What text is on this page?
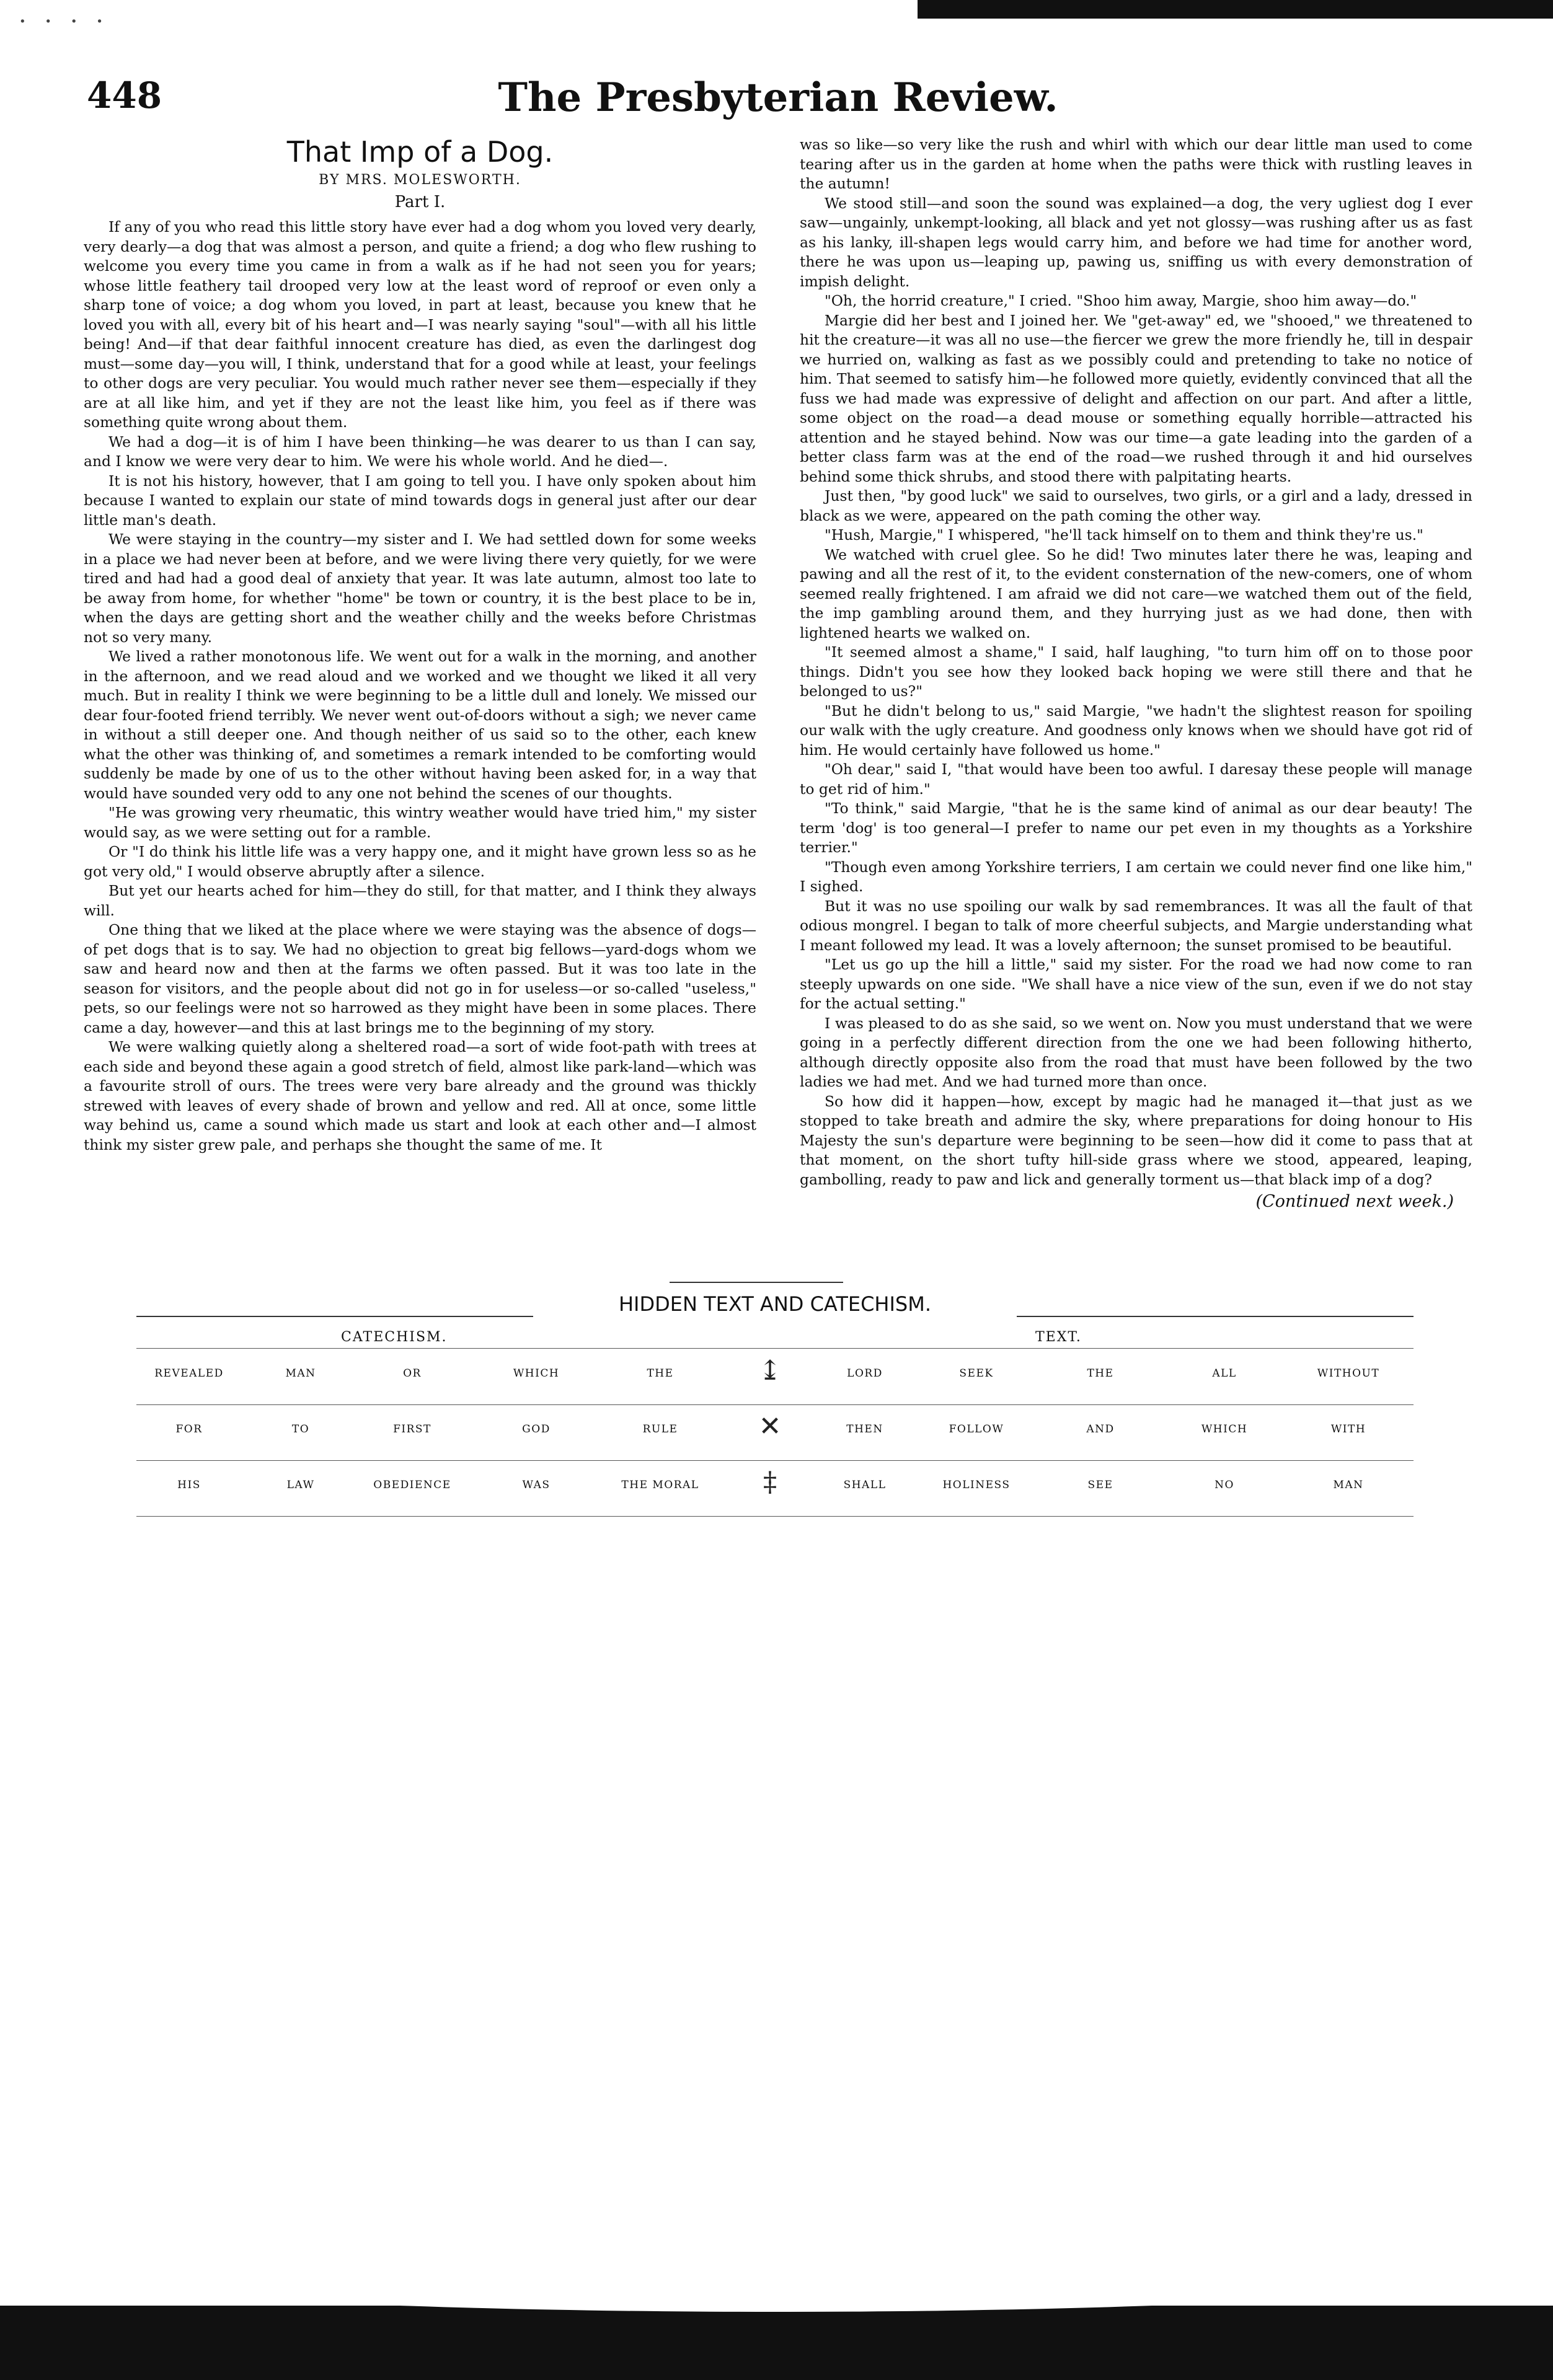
· · · ·
448	The Presbyterian Review.
That Imp of a Dog.
BY MRS. MOLESWORTH.
Part I.

If any of you who read this little story have ever had a dog whom you loved very dearly, very dearly—a dog that was almost a person, and quite a friend; a dog who flew rushing to welcome you every time you came in from a walk as if he had not seen you for years; whose little feathery tail drooped very low at the least word of reproof or even only a sharp tone of voice; a dog whom you loved, in part at least, because you knew that he loved you with all, every bit of his heart and—I was nearly saying "soul"—with all his little being! And—if that dear faithful innocent creature has died, as even the darlingest dog must—some day—you will, I think, understand that for a good while at least, your feelings to other dogs are very peculiar. You would much rather never see them—especially if they are at all like him, and yet if they are not the least like him, you feel as if there was something quite wrong about them.

We had a dog—it is of him I have been thinking—he was dearer to us than I can say, and I know we were very dear to him. We were his whole world. And he died—.

It is not his history, however, that I am going to tell you. I have only spoken about him because I wanted to explain our state of mind towards dogs in general just after our dear little man's death.

We were staying in the country—my sister and I. We had settled down for some weeks in a place we had never been at before, and we were living there very quietly, for we were tired and had had a good deal of anxiety that year. It was late autumn, almost too late to be away from home, for whether "home" be town or country, it is the best place to be in, when the days are getting short and the weather chilly and the weeks before Christmas not so very many.

We lived a rather monotonous life. We went out for a walk in the morning, and another in the afternoon, and we read aloud and we worked and we thought we liked it all very much. But in reality I think we were beginning to be a little dull and lonely. We missed our dear four-footed friend terribly. We never went out-of-doors without a sigh; we never came in without a still deeper one. And though neither of us said so to the other, each knew what the other was thinking of, and sometimes a remark intended to be comforting would suddenly be made by one of us to the other without having been asked for, in a way that would have sounded very odd to any one not behind the scenes of our thoughts.

"He was growing very rheumatic, this wintry weather would have tried him," my sister would say, as we were setting out for a ramble.

Or "I do think his little life was a very happy one, and it might have grown less so as he got very old," I would observe abruptly after a silence.

But yet our hearts ached for him—they do still, for that matter, and I think they always will.

One thing that we liked at the place where we were staying was the absence of dogs—of pet dogs that is to say. We had no objection to great big fellows—yard-dogs whom we saw and heard now and then at the farms we often passed. But it was too late in the season for visitors, and the people about did not go in for useless—or so-called "useless," pets, so our feelings were not so harrowed as they might have been in some places. There came a day, however—and this at last brings me to the beginning of my story.

We were walking quietly along a sheltered road—a sort of wide foot-path with trees at each side and beyond these again a good stretch of field, almost like park-land—which was a favourite stroll of ours. The trees were very bare already and the ground was thickly strewed with leaves of every shade of brown and yellow and red. All at once, some little way behind us, came a sound which made us start and look at each other and—I almost think my sister grew pale, and perhaps she thought the same of me. It

was so like—so very like the rush and whirl with which our dear little man used to come tearing after us in the garden at home when the paths were thick with rustling leaves in the autumn!

We stood still—and soon the sound was explained—a dog, the very ugliest dog I ever saw—ungainly, unkempt-looking, all black and yet not glossy—was rushing after us as fast as his lanky, ill-shapen legs would carry him, and before we had time for another word, there he was upon us—leaping up, pawing us, sniffing us with every demonstration of impish delight.

"Oh, the horrid creature," I cried. "Shoo him away, Margie, shoo him away—do."

Margie did her best and I joined her. We "get-away" ed, we "shooed," we threatened to hit the creature—it was all no use—the fiercer we grew the more friendly he, till in despair we hurried on, walking as fast as we possibly could and pretending to take no notice of him. That seemed to satisfy him—he followed more quietly, evidently convinced that all the fuss we had made was expressive of delight and affection on our part. And after a little, some object on the road—a dead mouse or something equally horrible—attracted his attention and he stayed behind. Now was our time—a gate leading into the garden of a better class farm was at the end of the road—we rushed through it and hid ourselves behind some thick shrubs, and stood there with palpitating hearts.

Just then, "by good luck" we said to ourselves, two girls, or a girl and a lady, dressed in black as we were, appeared on the path coming the other way.

"Hush, Margie," I whispered, "he'll tack himself on to them and think they're us."

We watched with cruel glee. So he did! Two minutes later there he was, leaping and pawing and all the rest of it, to the evident consternation of the new-comers, one of whom seemed really frightened. I am afraid we did not care—we watched them out of the field, the imp gambling around them, and they hurrying just as we had done, then with lightened hearts we walked on.

"It seemed almost a shame," I said, half laughing, "to turn him off on to those poor things. Didn't you see how they looked back hoping we were still there and that he belonged to us?"

"But he didn't belong to us," said Margie, "we hadn't the slightest reason for spoiling our walk with the ugly creature. And goodness only knows when we should have got rid of him. He would certainly have followed us home."

"Oh dear," said I, "that would have been too awful. I daresay these people will manage to get rid of him."

"To think," said Margie, "that he is the same kind of animal as our dear beauty! The term 'dog' is too general—I prefer to name our pet even in my thoughts as a Yorkshire terrier."

"Though even among Yorkshire terriers, I am certain we could never find one like him," I sighed.

But it was no use spoiling our walk by sad remembrances. It was all the fault of that odious mongrel. I began to talk of more cheerful subjects, and Margie understanding what I meant followed my lead. It was a lovely afternoon; the sunset promised to be beautiful.

"Let us go up the hill a little," said my sister. For the road we had now come to ran steeply upwards on one side. "We shall have a nice view of the sun, even if we do not stay for the actual setting."

I was pleased to do as she said, so we went on. Now you must understand that we were going in a perfectly different direction from the one we had been following hitherto, although directly opposite also from the road that must have been followed by the two ladies we had met. And we had turned more than once.

So how did it happen—how, except by magic had he managed it—that just as we stopped to take breath and admire the sky, where preparations for doing honour to His Majesty the sun's departure were beginning to be seen—how did it come to pass that at that moment, on the short tufty hill-side grass where we stood, appeared, leaping, gambolling, ready to paw and lick and generally torment us—that black imp of a dog?

(Continued next week.)
HIDDEN TEXT AND CATECHISM.
CATECHISM.	TEXT.
REVEALED	MAN	OR	WHICH	THE	↨	LORD	SEEK	THE	ALL	WITHOUT
FOR	TO	FIRST	GOD	RULE	✕	THEN	FOLLOW	AND	WHICH	WITH
HIS	LAW	OBEDIENCE	WAS	THE MORAL	‡	SHALL	HOLINESS	SEE	NO	MAN
